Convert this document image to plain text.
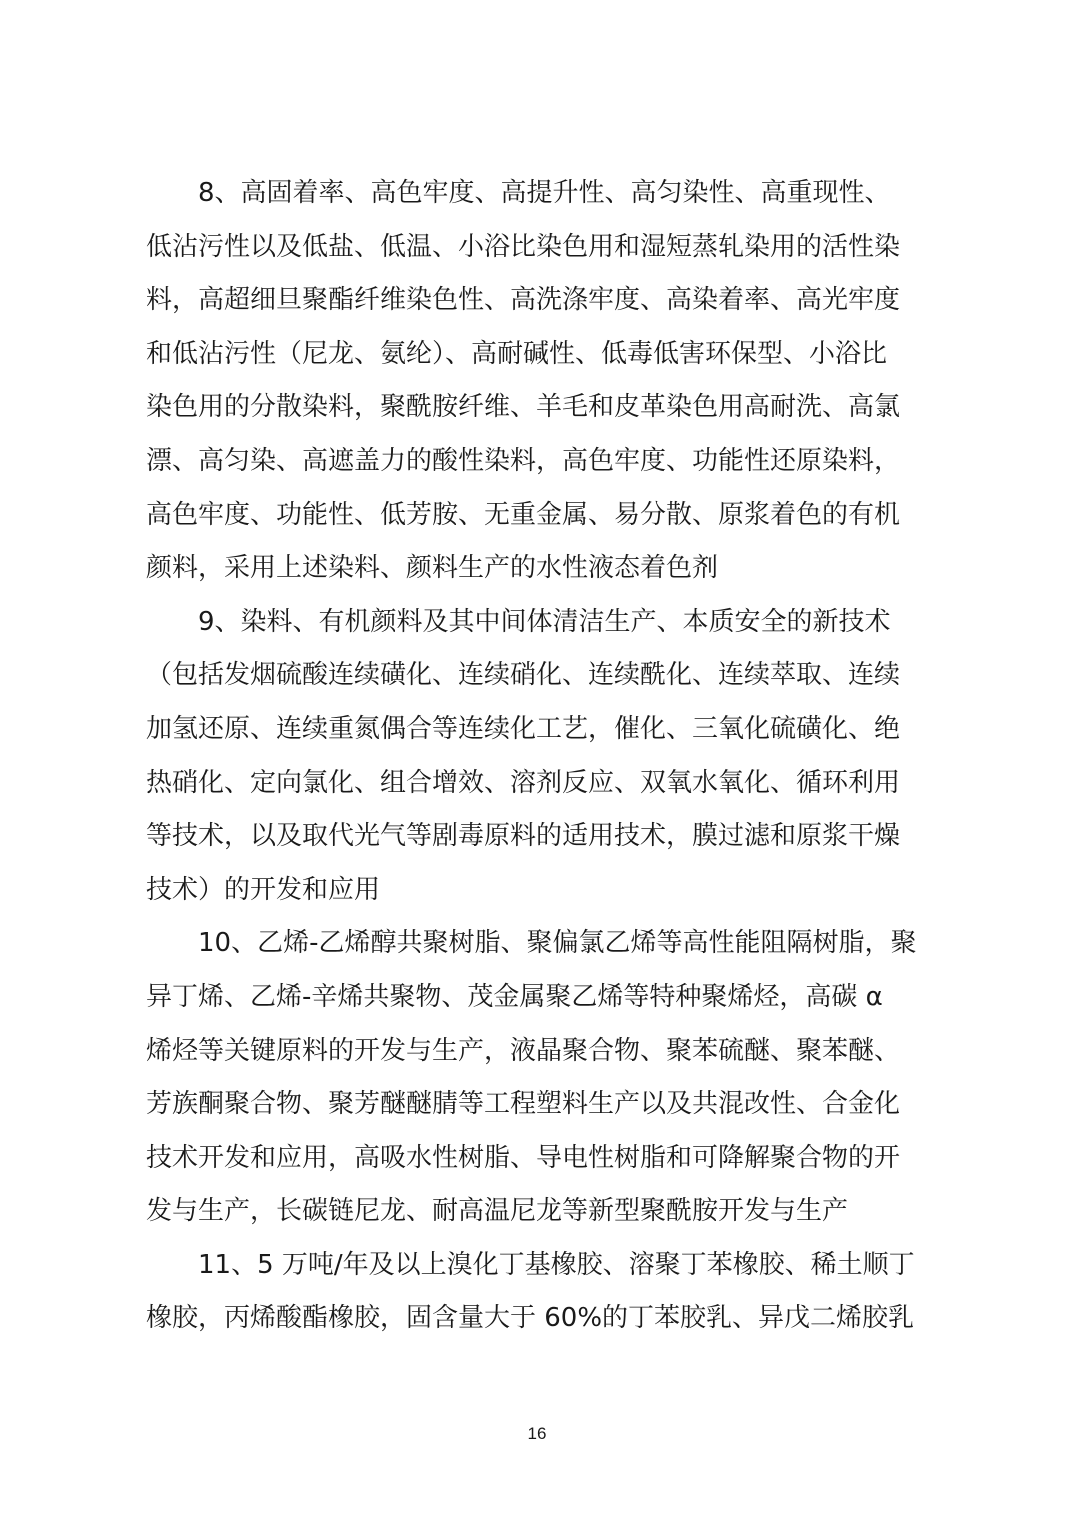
8、高固着率、高色牢度、高提升性、高匀染性、高重现性、
低沾污性以及低盐、低温、小浴比染色用和湿短蒸轧染用的活性染
料，高超细旦聚酯纤维染色性、高洗涤牢度、高染着率、高光牢度
和低沾污性（尼龙、氨纶）、高耐碱性、低毒低害环保型、小浴比
染色用的分散染料，聚酰胺纤维、羊毛和皮革染色用高耐洗、高氯
漂、高匀染、高遮盖力的酸性染料，高色牢度、功能性还原染料，
高色牢度、功能性、低芳胺、无重金属、易分散、原浆着色的有机
颜料，采用上述染料、颜料生产的水性液态着色剂
9、染料、有机颜料及其中间体清洁生产、本质安全的新技术
（包括发烟硫酸连续磺化、连续硝化、连续酰化、连续萃取、连续
加氢还原、连续重氮偶合等连续化工艺，催化、三氧化硫磺化、绝
热硝化、定向氯化、组合增效、溶剂反应、双氧水氧化、循环利用
等技术，以及取代光气等剧毒原料的适用技术，膜过滤和原浆干燥
技术）的开发和应用
10、乙烯-乙烯醇共聚树脂、聚偏氯乙烯等高性能阻隔树脂，聚
异丁烯、乙烯-辛烯共聚物、茂金属聚乙烯等特种聚烯烃，高碳 α
烯烃等关键原料的开发与生产，液晶聚合物、聚苯硫醚、聚苯醚、
芳族酮聚合物、聚芳醚醚腈等工程塑料生产以及共混改性、合金化
技术开发和应用，高吸水性树脂、导电性树脂和可降解聚合物的开
发与生产，长碳链尼龙、耐高温尼龙等新型聚酰胺开发与生产
11、5 万吨/年及以上溴化丁基橡胶、溶聚丁苯橡胶、稀土顺丁
橡胶，丙烯酸酯橡胶，固含量大于 60%的丁苯胶乳、异戊二烯胶乳
16
